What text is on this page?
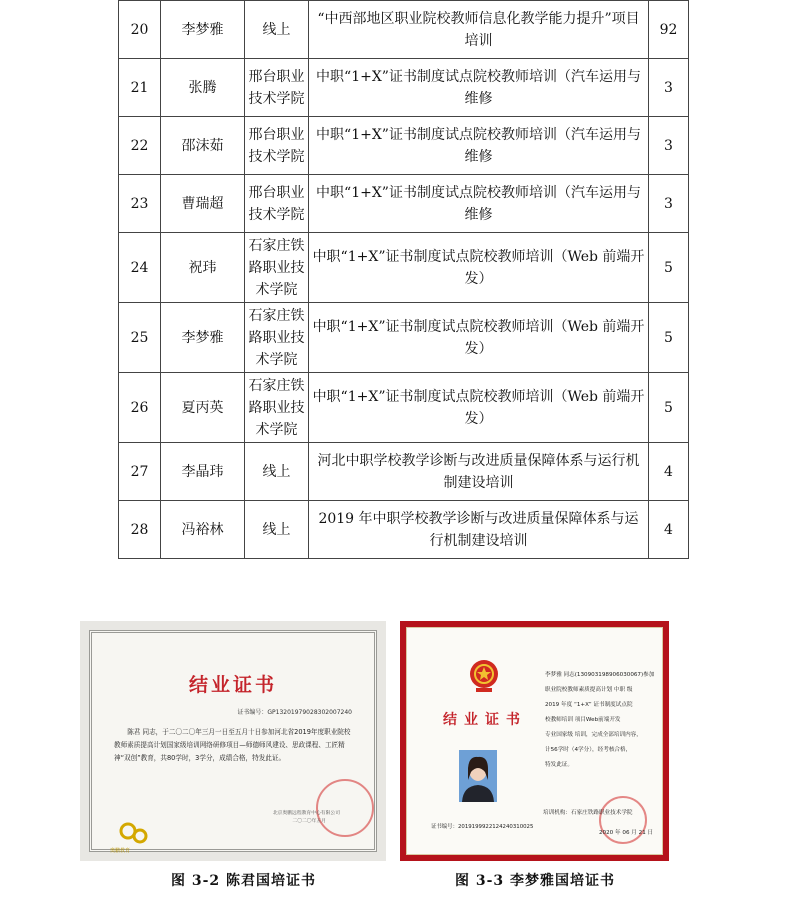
20	李梦雅	线上	“中西部地区职业院校教师信息化教学能力提升”项目培训	92
21	张腾	邢台职业技术学院	中职“1+X”证书制度试点院校教师培训（汽车运用与维修	3
22	邵沫茹	邢台职业技术学院	中职“1+X”证书制度试点院校教师培训（汽车运用与维修	3
23	曹瑞超	邢台职业技术学院	中职“1+X”证书制度试点院校教师培训（汽车运用与维修	3
24	祝玮	石家庄铁路职业技术学院	中职“1+X”证书制度试点院校教师培训（Web 前端开发）	5
25	李梦雅	石家庄铁路职业技术学院	中职“1+X”证书制度试点院校教师培训（Web 前端开发）	5
26	夏丙英	石家庄铁路职业技术学院	中职“1+X”证书制度试点院校教师培训（Web 前端开发）	5
27	李晶玮	线上	河北中职学校教学诊断与改进质量保障体系与运行机制建设培训	4
28	冯裕林	线上	2019 年中职学校教学诊断与改进质量保障体系与运行机制建设培训	4
结业证书
证书编号：GP13201979028302007240
陈君 同志，于二〇二〇年三月一日至五月十日参加河北省2019年度职业院校教师素质提高计划国家级培训网络研修项目—师德师风建设、思政课程、工匠精神“双创”教育，共80学时，3学分，成绩合格，特发此证。
北京奥鹏远程教育中心有限公司
二〇二〇年五月
奥鹏教育
结业证书
证书编号：20191999221242403100​25
李梦雅 同志(130903198906030067)参加
职业院校教师素质提高计划 中职 级
2019 年度 “1+X” 证书制度试点院
校教师培训 项目Web前端开发
专业国家级 培训，完成全部培训内容，
计56学时（4学分），经考核合格，
特发此证。
培训机构：石家庄铁路职业技术学院
2020 年 06 月 21 日
图 3-2 陈君国培证书	图 3-3 李梦雅国培证书
